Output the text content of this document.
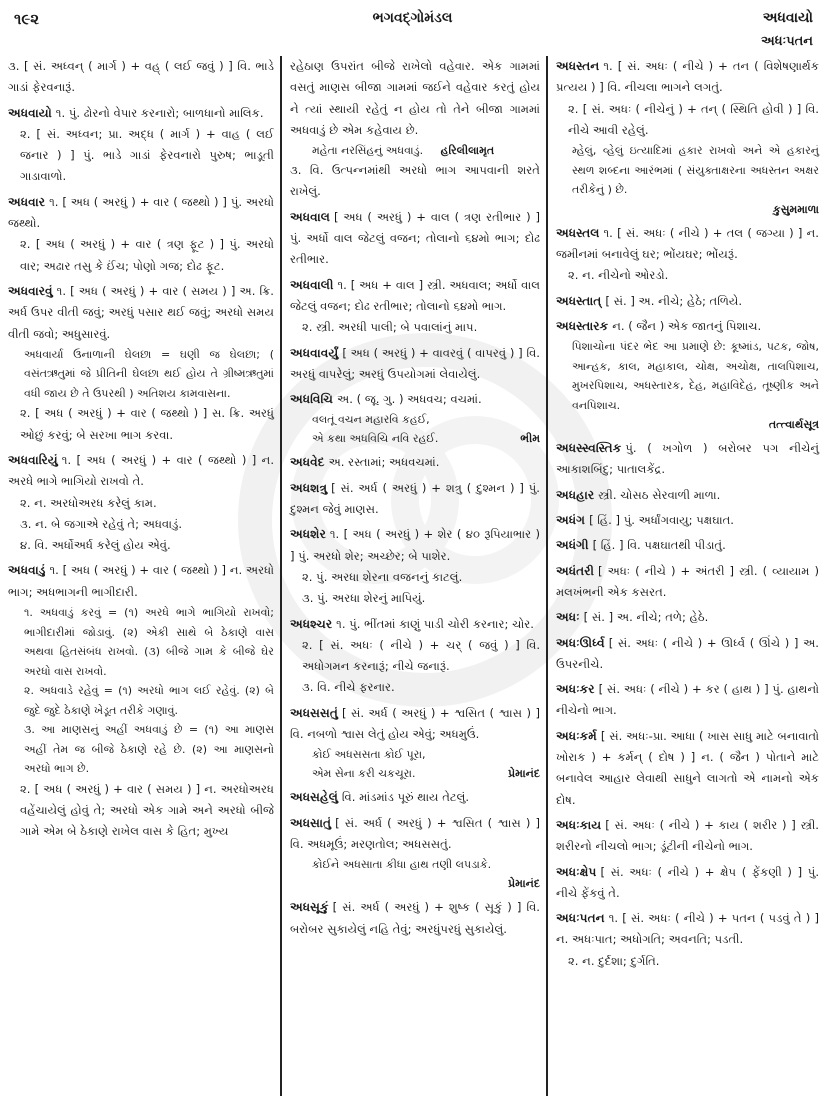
૧૯૨	ભગવદ્ગોમંડલ	અધવાયો
અધઃપતન

૩. [ સં. અધ્વન્ ( માર્ગ ) + વહ્ ( લઈ જવું ) ] વિ. ભાડે ગાડાં ફેરવનારૂં.

અધવાયો ૧. પું. ઢોરનો વેપાર કરનારો; બાળધાનો માલિક.

૨. [ સં. અધ્વન; પ્રા. અદ્ધ ( માર્ગ ) + વાહ ( લઈ જનાર ) ] પું. ભાડે ગાડાં ફેરવનારો પુરુષ; ભાડૂતી ગાડાવાળો.

અધવાર ૧. [ અધ ( અરધું ) + વાર ( જથ્થો ) ] પું. અરધો જથ્થો.

૨. [ અધ ( અરધું ) + વાર ( ત્રણ ફૂટ ) ] પું. અરધો વાર; અઢાર તસુ કે ઈંચ; પોણો ગજ; દોઢ ફૂટ.

અધવારવું ૧. [ અધ ( અરધું ) + વાર ( સમય ) ] અ. ક્રિ. અર્ધ ઉપર વીતી જવું; અરધું પસાર થઈ જવું; અરધો સમય વીતી જવો; અધુસારવું.

અધવાર્યા ઉનાળાની ઘેલછા = ઘણી જ ઘેલછા; ( વસંતઋતુમાં જે પ્રીતિની ઘેલછા થઈ હોય તે ગ્રીષ્મઋતુમાં વધી જાય છે તે ઉપરથી ) અતિશય કામવાસના.

૨. [ અધ ( અરધું ) + વાર ( જથ્થો ) ] સ. ક્રિ. અરધું ઓછું કરવું; બે સરખા ભાગ કરવા.

અધવારિયું ૧. [ અધ ( અરધું ) + વાર ( જથ્થો ) ] ન. અરધે ભાગે ભાગિયો રાખવો તે.

૨. ન. અરધોઅરધ કરેલું કામ.

૩. ન. બે જગાએ રહેવું તે; અધવાડું.

૪. વિ. અર્ધોઅર્ધ કરેલું હોય એવું.

અધવાડું ૧. [ અધ ( અરધું ) + વાર ( જથ્થો ) ] ન. અરધો ભાગ; અધભાગની ભાગીદારી.

૧. અધવાડું કરવું = (૧) અરધે ભાગે ભાગિયો રાખવો; ભાગીદારીમાં જોડાવું. (૨) એકી સાથે બે ઠેકાણે વાસ અથવા હિતસંબંધ રાખવો. (૩) બીજે ગામ કે બીજે ઘેર અરધો વાસ રાખવો.

૨. અધવાડે રહેવું = (૧) અરધો ભાગ લઈ રહેવું. (૨) બે જુદે જુદે ઠેકાણે ખેડૂત તરીકે ગણાવું.

૩. આ માણસનું અહીં અધવાડું છે = (૧) આ માણસ અહીં તેમ જ બીજે ઠેકાણે રહે છે. (૨) આ માણસનો અરધો ભાગ છે.

૨. [ અધ ( અરધું ) + વાર ( સમય ) ] ન. અરધોઅરધ વહેંચાયેલું હોવું તે; અરધો એક ગામે અને અરધો બીજે ગામે એમ બે ઠેકાણે રાખેલ વાસ કે હિત; મુખ્ય

રહેઠાણ ઉપરાંત બીજે રાખેલો વહેવાર. એક ગામમાં વસતું માણસ બીજા ગામમાં જઈને વહેવાર કરતું હોય ને ત્યાં સ્થાયી રહેતું ન હોય તો તેને બીજા ગામમાં અધવાડું છે એમ કહેવાય છે.

મહેતા નરસિંહનું અધવાડું. હરિલીલામૃત

૩. વિ. ઉત્પન્નમાંથી અરધો ભાગ આપવાની શરતે રાખેલું.

અધવાલ [ અધ ( અરધું ) + વાલ ( ત્રણ રતીભાર ) ] પું. અર્ધો વાલ જેટલું વજન; તોલાનો ૬૪મો ભાગ; દોઢ રતીભાર.
અધવાલી ૧. [ અધ + વાલ ] સ્ત્રી. અધવાલ; અર્ધો વાલ જેટલું વજન; દોઢ રતીભાર; તોલાનો ૬૪મો ભાગ.

૨. સ્ત્રી. અરધી પાલી; બે પવાલાંનું માપ.

અધવાવર્યું [ અધ ( અરધું ) + વાવરવું ( વાપરવું ) ] વિ. અરધું વાપરેલું; અરધું ઉપયોગમાં લેવાયેલું.
અધવિચિ અ. ( જૂ. ગુ. ) અધવચ; વચમાં.

વલતૂં વચન મહારવિ કહઈ,

એ કથા અધવિચિ નવિ રહઈ.	ભીમ

અધવેદ અ. રસ્તામાં; અધવચમાં.
અધશત્રુ [ સં. અર્ધ ( અરધું ) + શત્રુ ( દુશ્મન ) ] પું. દુશ્મન જેવું માણસ.
અધશેર ૧. [ અધ ( અરધું ) + શેર ( ૪૦ રૂપિયાભાર ) ] પું. અરધો શેર; અચ્છેર; બે પાશેર.

૨. પું. અરધા શેરના વજનનું કાટલું.

૩. પું. અરધા શેરનું માપિયું.

અધશ્ચર ૧. પું. ભીંતમાં કાણું પાડી ચોરી કરનાર; ચોર.

૨. [ સં. અધઃ ( નીચે ) + ચર્ ( જવું ) ] વિ. અધોગમન કરનારૂં; નીચે જનારૂં.

૩. વિ. નીચે ફરનાર.

અધસસતું [ સં. અર્ધ ( અરધું ) + શ્વસિત ( શ્વાસ ) ] વિ. નબળો શ્વાસ લેતું હોય એવું; અધમુઉં.

કોઈ અધસસતા કોઈ પૂરા,

એમ સેના કરી ચકચૂરા.	પ્રેમાનંદ

અધસહેલું વિ. માંડમાંડ પૂરું થાય તેટલું.
અધસાતું [ સં. અર્ધ ( અરધું ) + શ્વસિત ( શ્વાસ ) ] વિ. અધમૂઉં; મરણતોલ; અધસસતું.

કોઈને અધસાતા કીધા હાથ તણી લપડાકે.

પ્રેમાનંદ
અધસૂકું [ સં. અર્ધ ( અરધું ) + શુષ્ક ( સૂકું ) ] વિ. બરોબર સુકાયેલું નહિ તેવું; અરધુંપરધું સુકાયેલું.
અધસ્તન ૧. [ સં. અધઃ ( નીચે ) + તન ( વિશેષણાર્થક પ્રત્યય ) ] વિ. નીચલા ભાગને લગતું.

૨. [ સં. અધઃ ( નીચેનું ) + તન્ ( સ્થિતિ હોવી ) ] વિ. નીચે આવી રહેલું.

મ્હેલું, વ્હેલું ઇત્યાદિમાં હકાર રાખવો અને એ હકારનું સ્થળ શબ્દના આરંભમાં ( સંયુક્તાક્ષરના અધસ્તન અક્ષર તરીકેનું ) છે.

કુસુમમાળા
અધસ્તલ ૧. [ સં. અધઃ ( નીચે ) + તલ ( જગ્યા ) ] ન. જમીનમાં બનાવેલું ઘર; ભોંયઘર; ભોંયરૂં.

૨. ન. નીચેનો ઓરડો.

અધસ્તાત્ [ સં. ] અ. નીચે; હેઠે; તળિયે.
અધસ્તારક ન. ( જૈન ) એક જાતનું પિશાચ.

પિશાચોના પંદર ભેદ આ પ્રમાણે છે: કૂષ્માંડ, પટક, જોષ, આન્હક, કાલ, મહાકાલ, ચોક્ષ, અચોક્ષ, તાલપિશાચ, મુખરપિશાચ, અધસ્તારક, દેહ, મહાવિદેહ, તૂષ્ણીક અને વનપિશાચ.

તત્ત્વાર્થસૂત્ર
અધસ્સ્વસ્તિક પું. ( ખગોળ ) બરોબર પગ નીચેનું આકાશબિંદુ; પાતાલકેંદ્ર.
અધહાર સ્ત્રી. ચોસઠ સેરવાળી માળા.
અધંગ [ હિં. ] પું. અર્ધાંગવાયુ; પક્ષઘાત.
અધંગી [ હિં. ] વિ. પક્ષઘાતથી પીડાતું.
અધંતરી [ અધઃ ( નીચે ) + અંતરી ] સ્ત્રી. ( વ્યાયામ ) મલખંભની એક કસરત.
અધઃ [ સં. ] અ. નીચે; તળે; હેઠે.
અધઃઊર્ધ્વ [ સં. અધઃ ( નીચે ) + ઊર્ધ્વ ( ઊંચે ) ] અ. ઉપરનીચે.
અધઃકર [ સં. અધઃ ( નીચે ) + કર ( હાથ ) ] પું. હાથનો નીચેનો ભાગ.
અધઃકર્મ [ સં. અધઃ-પ્રા. આધા ( ખાસ સાધુ માટે બનાવાતો ખોરાક ) + કર્મન્ ( દોષ ) ] ન. ( જૈન ) પોતાને માટે બનાવેલ આહાર લેવાથી સાધુને લાગતો એ નામનો એક દોષ.
અધઃકાય [ સં. અધઃ ( નીચે ) + કાય ( શરીર ) ] સ્ત્રી. શરીરનો નીચલો ભાગ; ડૂંટીની નીચેનો ભાગ.
અધઃક્ષેપ [ સં. અધઃ ( નીચે ) + ક્ષેપ ( ફેંકણી ) ] પું. નીચે ફેંકવું તે.
અધઃપતન ૧. [ સં. અધઃ ( નીચે ) + પતન ( પડવું તે ) ] ન. અધઃપાત; અધોગતિ; અવનતિ; પડતી.

૨. ન. દુર્દશા; દુર્ગતિ.
